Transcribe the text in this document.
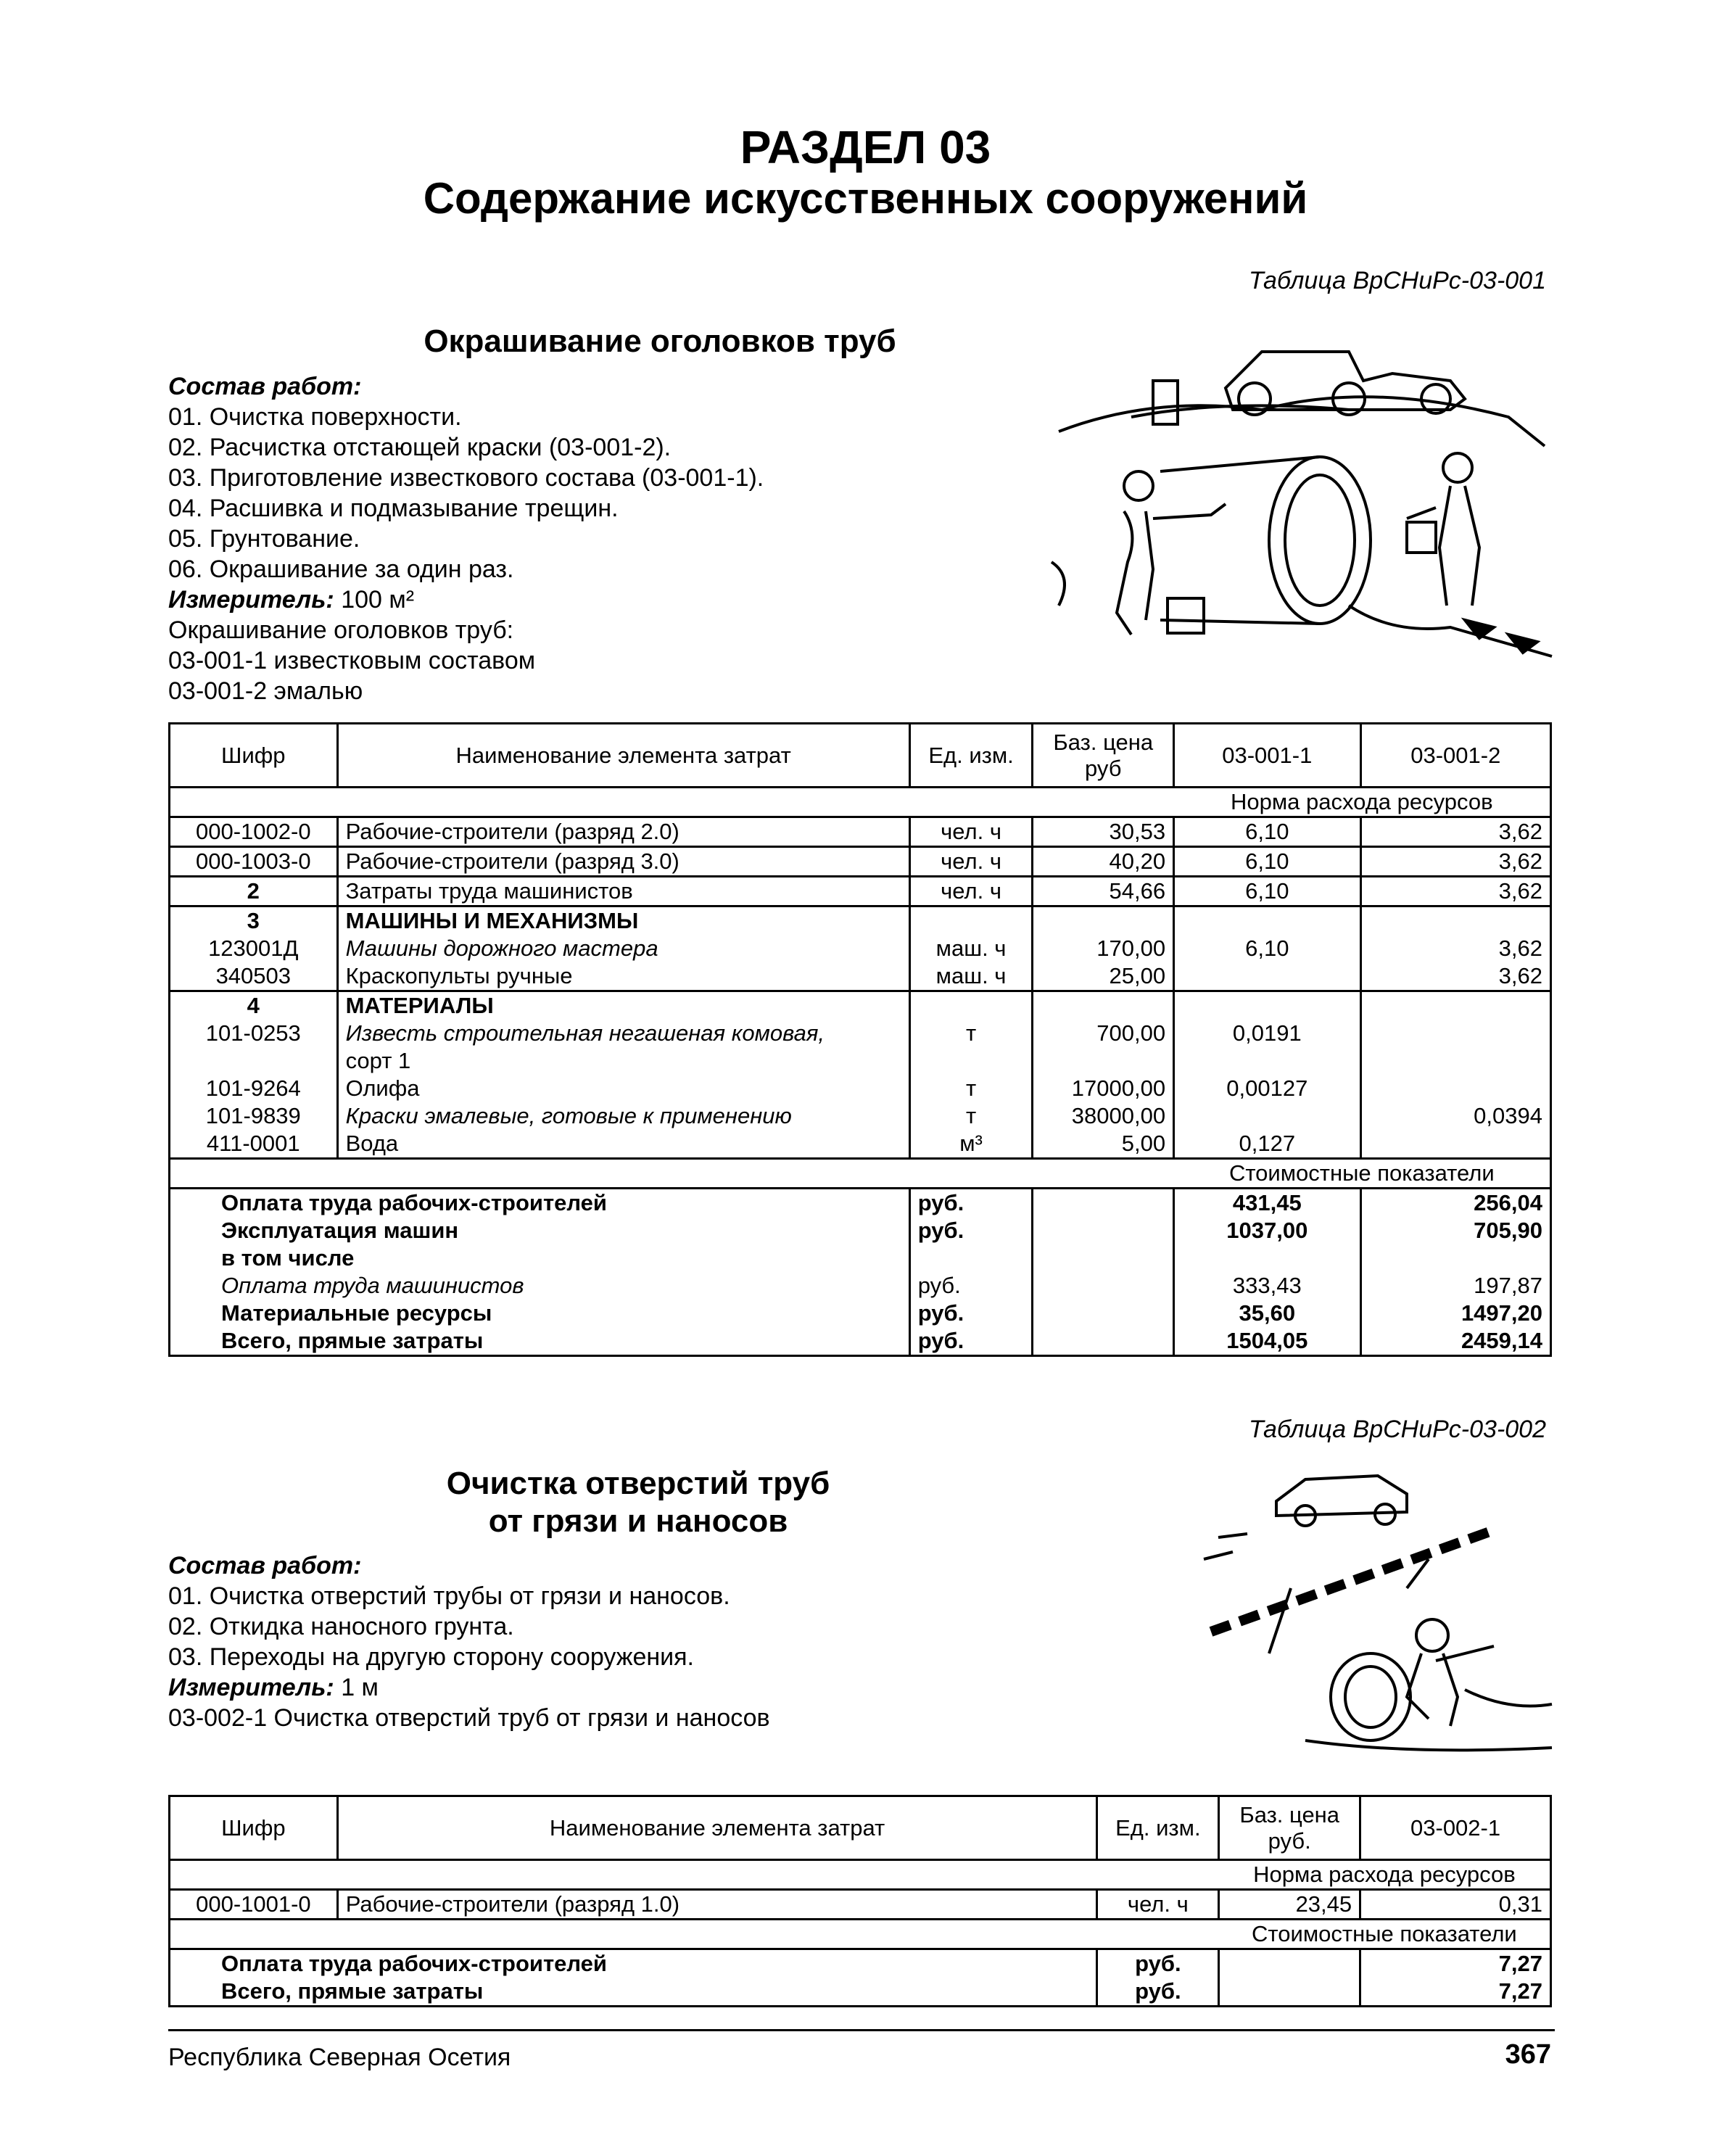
РАЗДЕЛ 03
Содержание искусственных сооружений
Таблица ВрСНиРс-03-001
Окрашивание оголовков труб
Состав работ:
01. Очистка поверхности.
02. Расчистка отстающей краски (03-001-2).
03. Приготовление известкового состава (03-001-1).
04. Расшивка и подмазывание трещин.
05. Грунтование.
06. Окрашивание за один раз.
Измеритель: 100 м²
Окрашивание оголовков труб:
03-001-1 известковым составом
03-001-2 эмалью
Шифр	Наименование элемента затрат	Ед. изм.	Баз. цена руб	03-001-1	03-001-2
				Норма расхода ресурсов	
000-1002-0	Рабочие-строители (разряд 2.0)	чел. ч	30,53	6,10	3,62
000-1003-0	Рабочие-строители (разряд 3.0)	чел. ч	40,20	6,10	3,62
2	Затраты труда машинистов	чел. ч	54,66	6,10	3,62
3	МАШИНЫ И МЕХАНИЗМЫ				
123001Д	Машины дорожного мастера	маш. ч	170,00	6,10	3,62
340503	Краскопульты ручные	маш. ч	25,00		3,62
4	МАТЕРИАЛЫ				
101-0253	Известь строительная негашеная комовая,	т	700,00	0,0191	
	сорт 1				
101-9264	Олифа	т	17000,00	0,00127	
101-9839	Краски эмалевые, готовые к применению	т	38000,00		0,0394
411-0001	Вода	м³	5,00	0,127	
				Стоимостные показатели	
Оплата труда рабочих-строителей		руб.		431,45	256,04
Эксплуатация машин		руб.		1037,00	705,90
в том числе					
Оплата труда машинистов		руб.		333,43	197,87
Материальные ресурсы		руб.		35,60	1497,20
Всего, прямые затраты		руб.		1504,05	2459,14
Таблица ВрСНиРс-03-002
Очистка отверстий труб
от грязи и наносов
Состав работ:
01. Очистка отверстий трубы от грязи и наносов.
02. Откидка наносного грунта.
03. Переходы на другую сторону сооружения.
Измеритель: 1 м
03-002-1 Очистка отверстий труб от грязи и наносов
Шифр	Наименование элемента затрат	Ед. изм.	Баз. цена руб.	03-002-1
			Норма расхода ресурсов	
000-1001-0	Рабочие-строители (разряд 1.0)	чел. ч	23,45	0,31
			Стоимостные показатели	
Оплата труда рабочих-строителей		руб.		7,27
Всего, прямые затраты		руб.		7,27
Республика Северная Осетия	367
